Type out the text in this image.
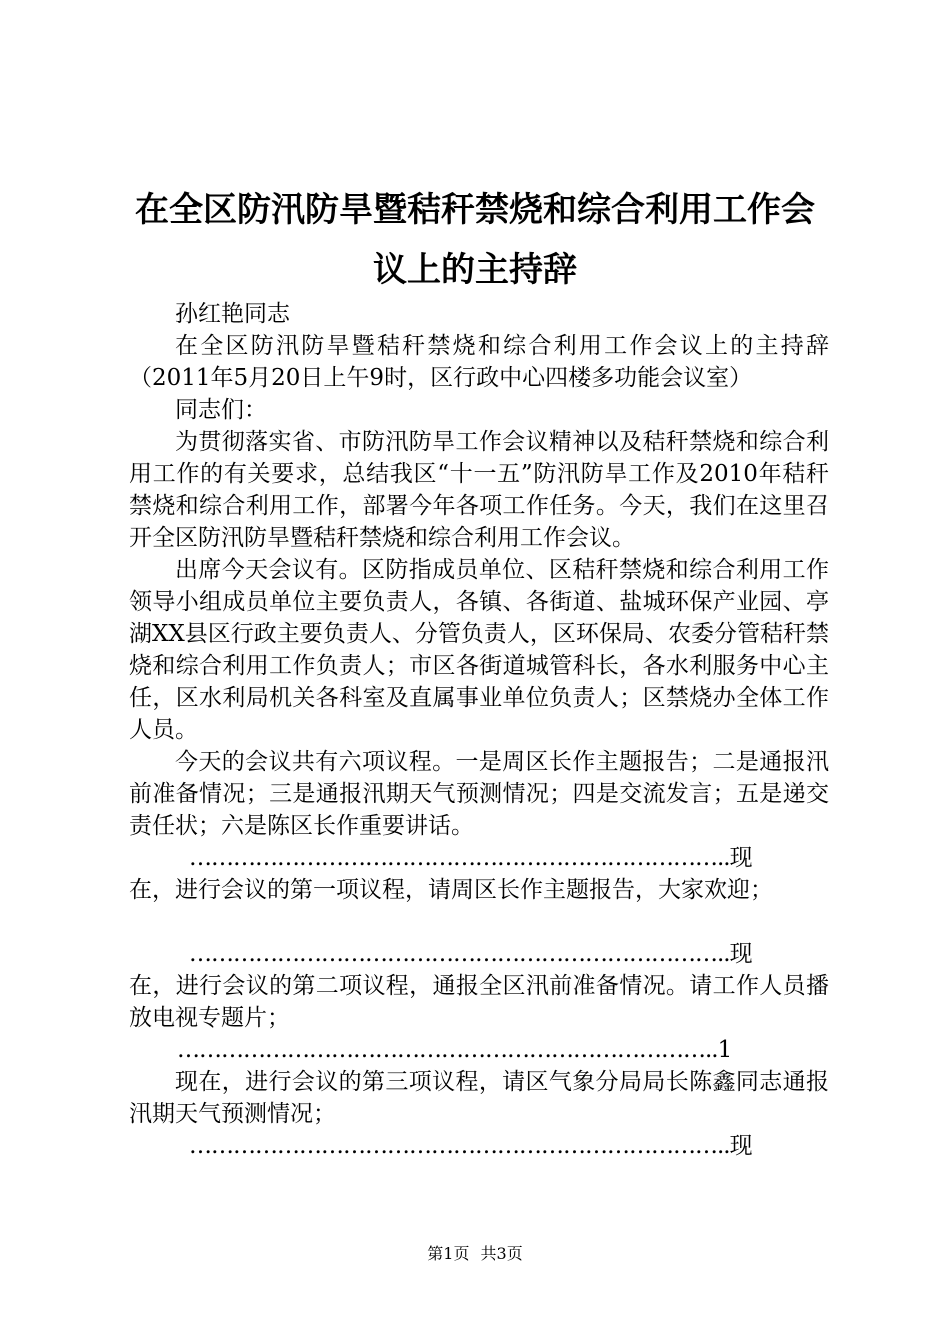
在全区防汛防旱暨秸秆禁烧和综合利用工作会
议上的主持辞

孙红艳同志

在全区防汛防旱暨秸秆禁烧和综合利用工作会议上的主持辞（2011年5月20日上午9时，区行政中心四楼多功能会议室）

同志们：

为贯彻落实省、市防汛防旱工作会议精神以及秸秆禁烧和综合利用工作的有关要求，总结我区“十一五”防汛防旱工作及2010年秸秆禁烧和综合利用工作，部署今年各项工作任务。今天，我们在这里召开全区防汛防旱暨秸秆禁烧和综合利用工作会议。

出席今天会议有。区防指成员单位、区秸秆禁烧和综合利用工作领导小组成员单位主要负责人，各镇、各街道、盐城环保产业园、亭湖XX县区行政主要负责人、分管负责人，区环保局、农委分管秸秆禁烧和综合利用工作负责人；市区各街道城管科长，各水利服务中心主任，区水利局机关各科室及直属事业单位负责人；区禁烧办全体工作人员。

今天的会议共有六项议程。一是周区长作主题报告；二是通报汛前准备情况；三是通报汛期天气预测情况；四是交流发言；五是递交责任状；六是陈区长作重要讲话。

………………………………………………………………..现

在，进行会议的第一项议程，请周区长作主题报告，大家欢迎；

………………………………………………………………..现

在，进行会议的第二项议程，通报全区汛前准备情况。请工作人员播放电视专题片；

………………………………………………………………..1

现在，进行会议的第三项议程，请区气象分局局长陈鑫同志通报汛期天气预测情况；

………………………………………………………………..现
第1页 共3页
